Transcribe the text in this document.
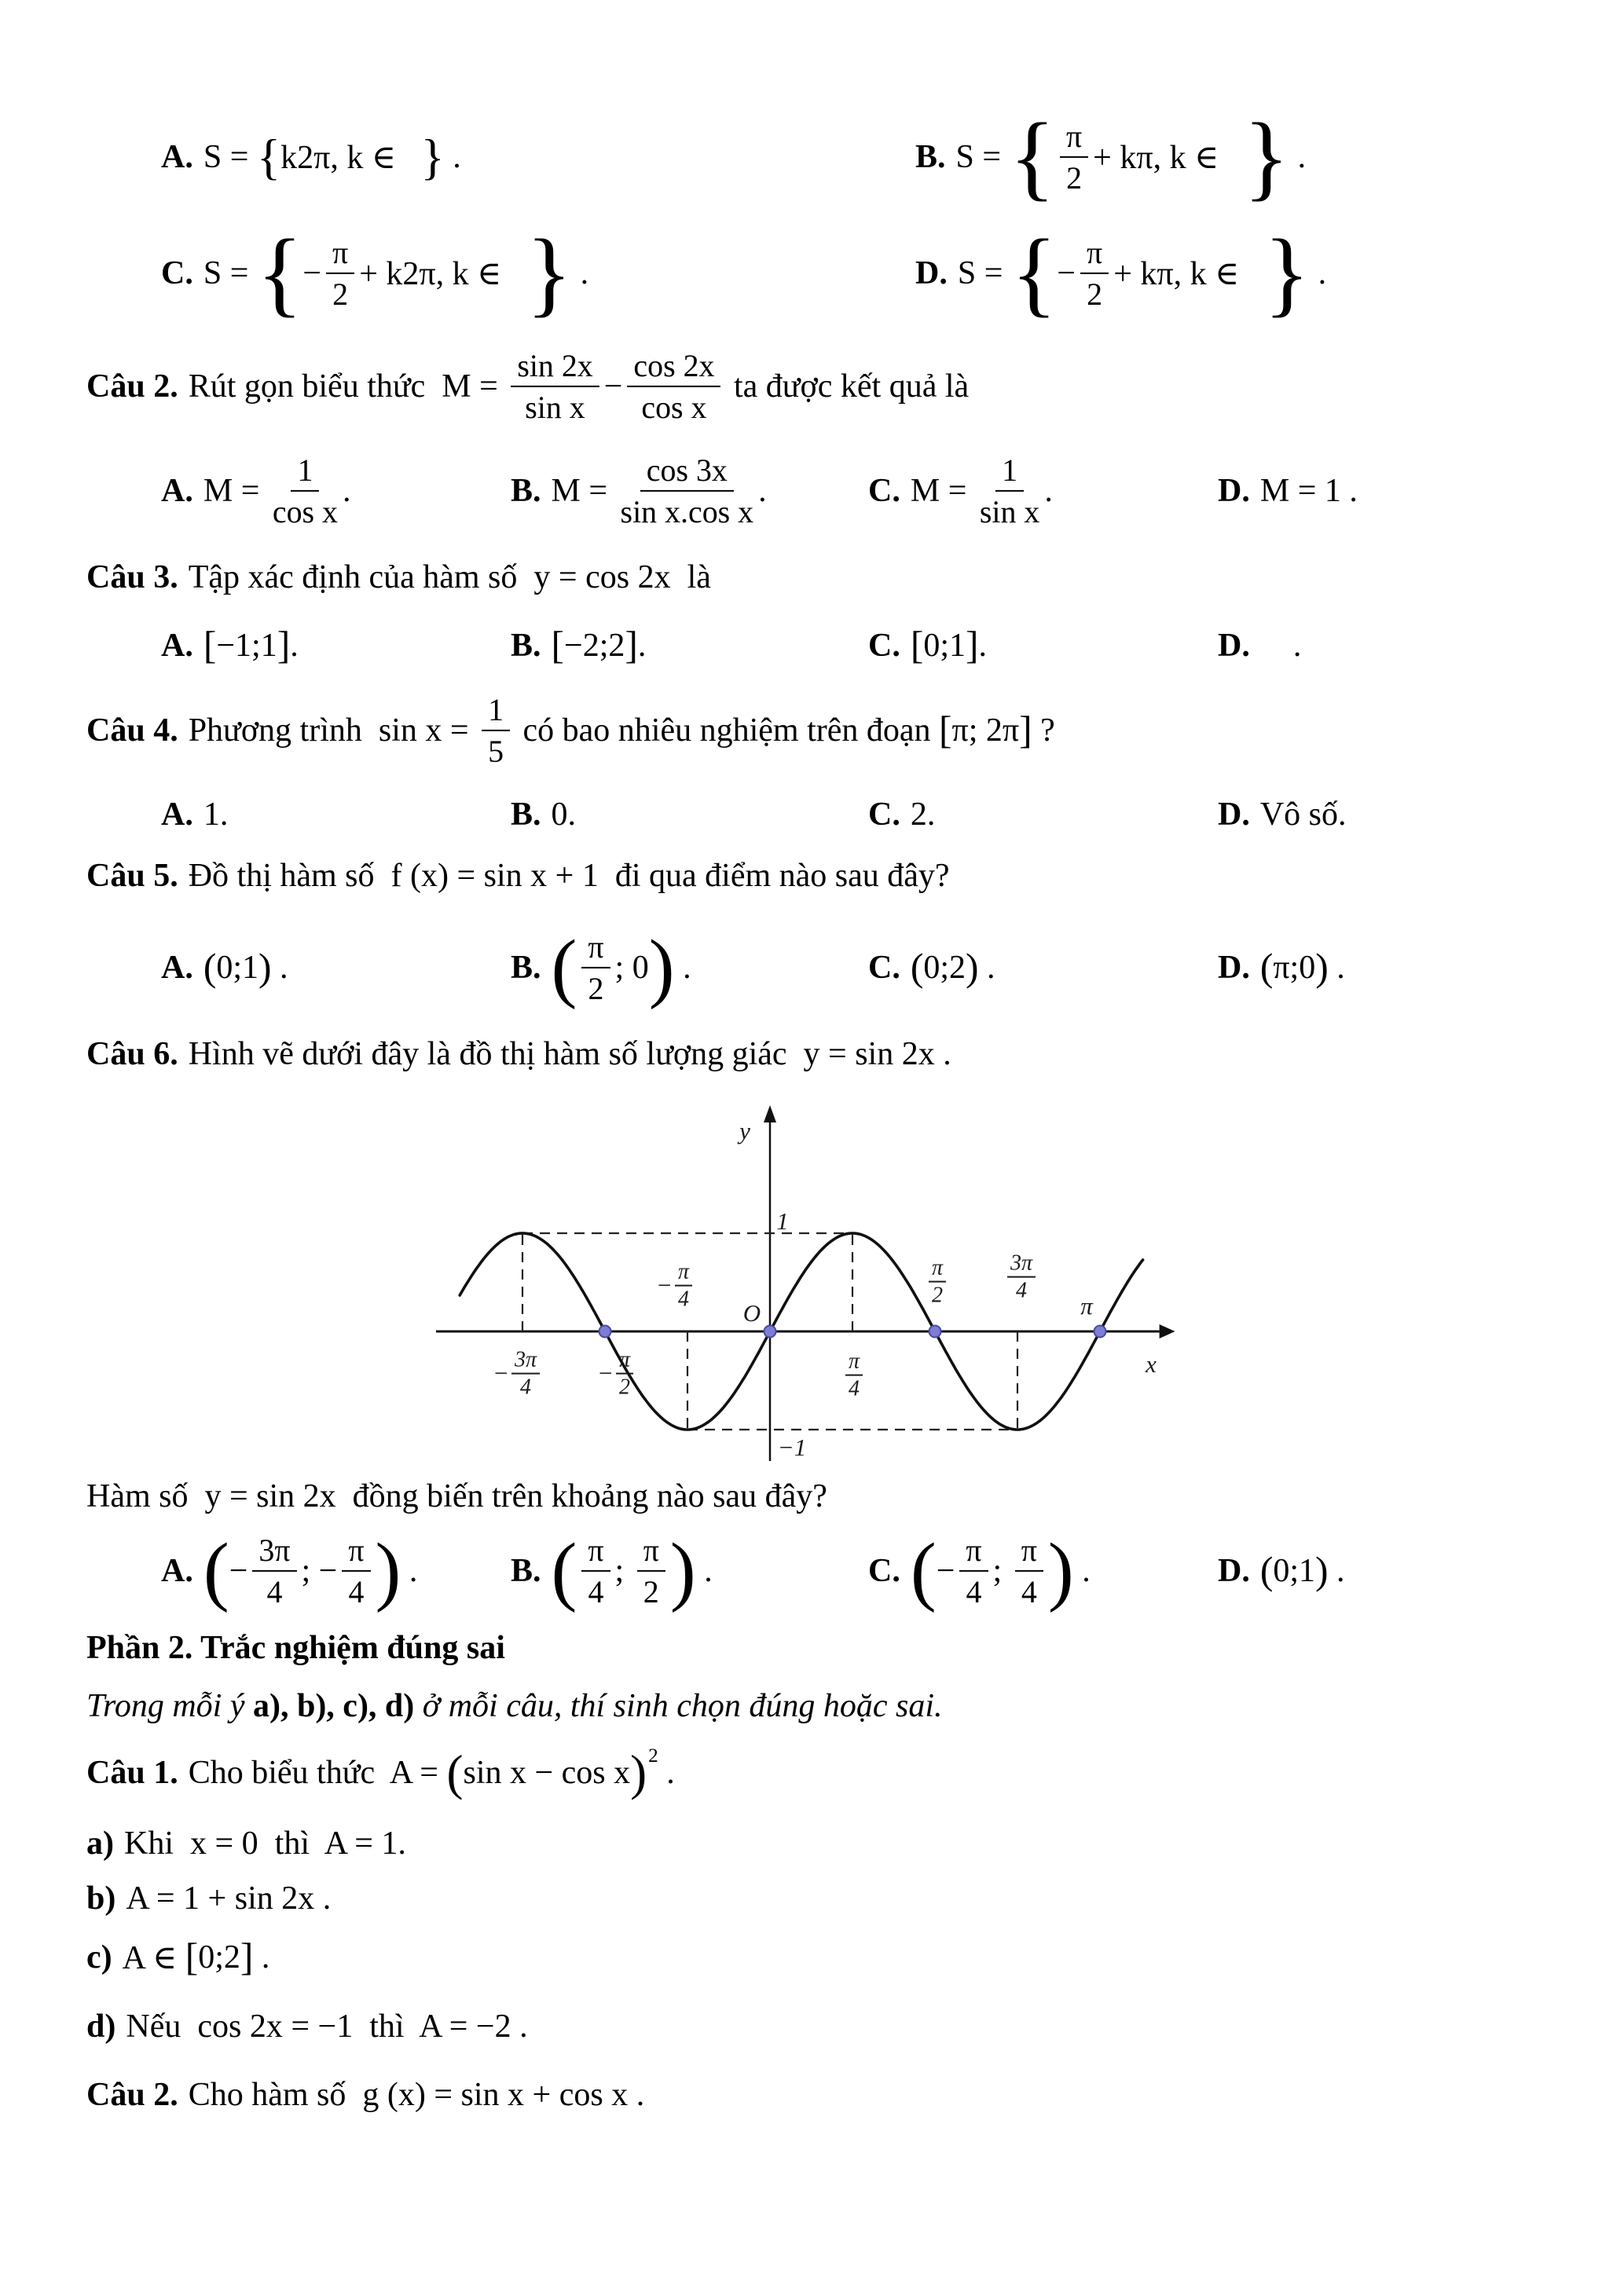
A. S = { k2π, k ∈
} .	B. S = { $\frac{\pi}{2} + k\pi$, k ∈
} .
C. S = { − $\frac{\pi}{2} + k2\pi$, k ∈
} .	D. S = { − $\frac{\pi}{2} + k\pi$, k ∈
} .
Câu 2. Rút gọn biểu thức  $M = \frac{\sin 2x}{\text{sin x}} - \frac{\cos 2x}{\text{cos x}}$ ta được kết quả là
A. $M = \frac{1}{\text{cos x}}$ .	B. $M = \frac{\cos 3x}{\text{sin x.cos x}}$ .	C. $M = \frac{1}{\text{sin x}}$ .	D. M = 1 .
Câu 3. Tập xác định của hàm số  y = cos 2x  là
A. [ −1;1 ] .	B. [ −2;2 ] .	C. [ 0;1 ] .	D. .
Câu 4. Phương trình  $\sin x = \frac{1}{5}$ có bao nhiêu nghiệm trên đoạn [ π; 2π ] ?
A. 1.	B. 0.	C. 2.	D. Vô số.
Câu 5. Đồ thị hàm số  f (x) = sin x + 1  đi qua điểm nào sau đây?
A. ( 0;1 ) .	B. ( $\frac{\pi}{2}$ ; 0 ) .	C. ( 0;2 ) .	D. ( π;0 ) .
Câu 6. Hình vẽ dưới đây là đồ thị hàm số lượng giác  y = sin 2x .
y
1
−1
O
x
− $\frac{3\pi}{4} - \frac{\pi}{2}$
− $\frac{\pi}{4}$
π
4
π
2
3π
4
π
Hàm số  y = sin 2x  đồng biến trên khoảng nào sau đây?
A. ( − $\frac{3\pi}{4}$ ; − $\frac{\pi}{4}$ ) .	B. ( $\frac{\pi}{4}$ ; $\frac{\pi}{2}$ ) .	C. ( − $\frac{\pi}{4}$ ; $\frac{\pi}{4}$ ) .	D. ( 0;1 ) .
Phần 2. Trắc nghiệm đúng sai
Trong mỗi ý a), b), c), d) ở mỗi câu, thí sinh chọn đúng hoặc sai.
Câu 1. Cho biểu thức  A = ( sin x − cos x ) 2 .
a) Khi  x = 0  thì  A = 1.
b) A = 1 + sin 2x .
c) A ∈ [ 0;2 ] .
d) Nếu  cos 2x = −1  thì  A = −2 .
Câu 2. Cho hàm số  g (x) = sin x + cos x .
